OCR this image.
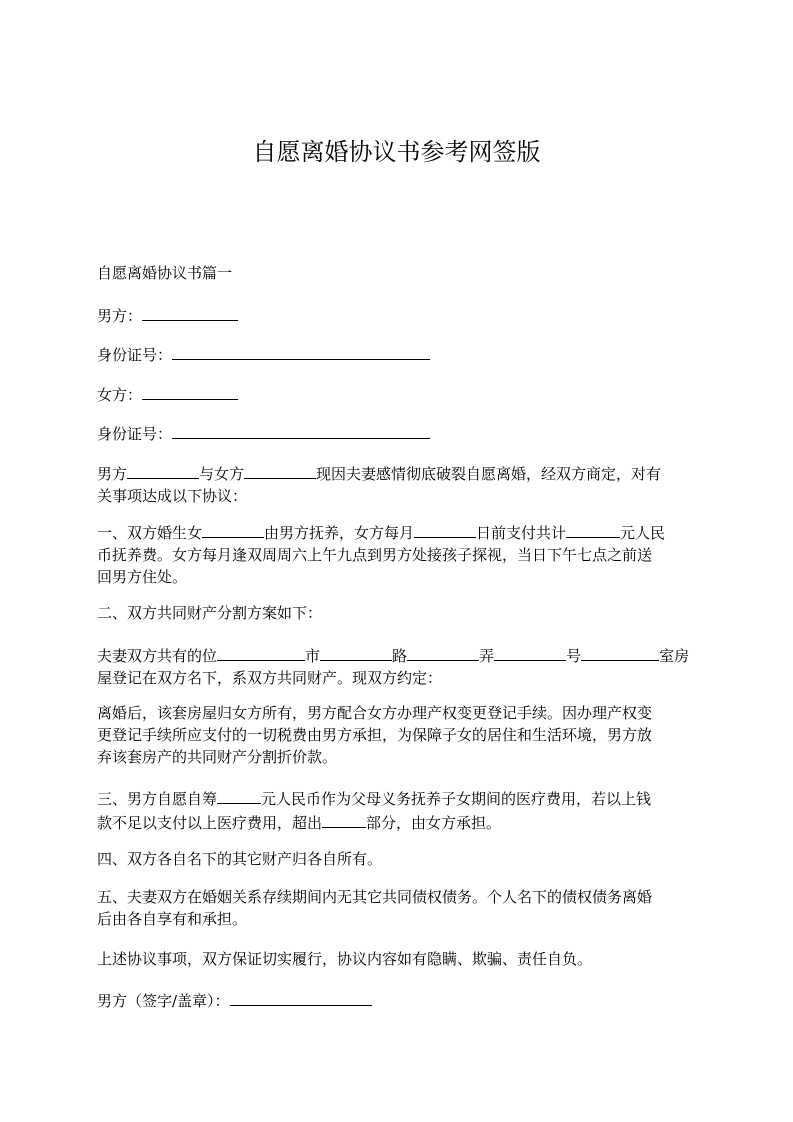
自愿离婚协议书参考网签版

自愿离婚协议书篇一

男方：

身份证号：

女方：

身份证号：

男方	与女方	现因夫妻感情彻底破裂自愿离婚，经双方商定，对有
关事项达成以下协议：
一、双方婚生女	由男方抚养，女方每月	日前支付共计	元人民
币抚养费。女方每月逢双周周六上午九点到男方处接孩子探视，当日下午七点之前送
回男方住处。

二、双方共同财产分割方案如下：

夫妻双方共有的位	市	路	弄	号	室房
屋登记在双方名下，系双方共同财产。现双方约定：
离婚后，该套房屋归女方所有，男方配合女方办理产权变更登记手续。因办理产权变
更登记手续所应支付的一切税费由男方承担，为保障子女的居住和生活环境，男方放
弃该套房产的共同财产分割折价款。
三、男方自愿自筹	元人民币作为父母义务抚养子女期间的医疗费用，若以上钱
款不足以支付以上医疗费用，超出	部分，由女方承担。

四、双方各自名下的其它财产归各自所有。

五、夫妻双方在婚姻关系存续期间内无其它共同债权债务。个人名下的债权债务离婚
后由各自享有和承担。

上述协议事项，双方保证切实履行，协议内容如有隐瞒、欺骗、责任自负。

男方（签字/盖章）：
